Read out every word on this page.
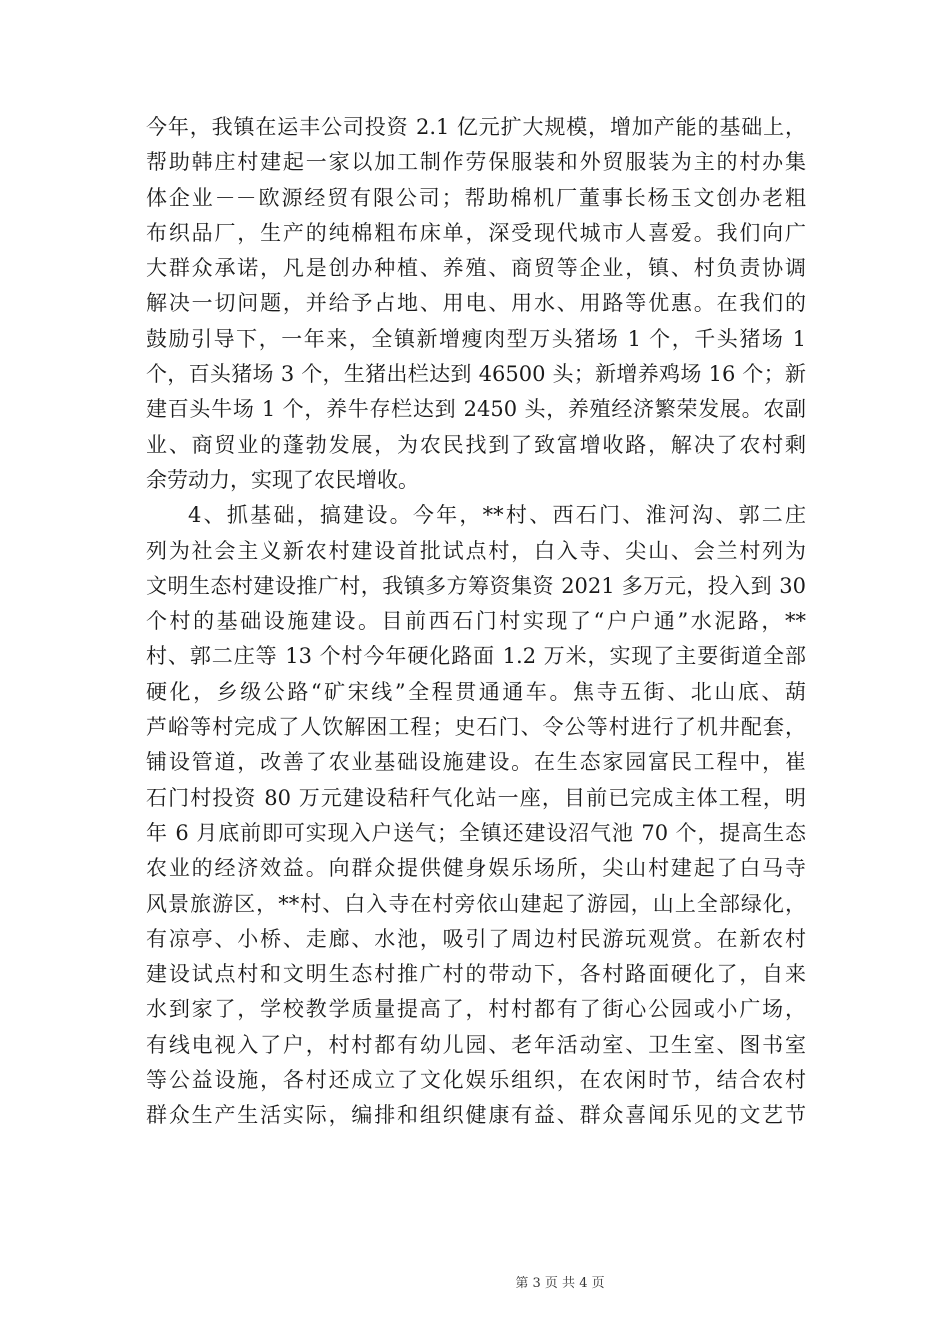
今年，我镇在运丰公司投资 2.1 亿元扩大规模，增加产能的基础上，
帮助韩庄村建起一家以加工制作劳保服装和外贸服装为主的村办集
体企业－－欧源经贸有限公司；帮助棉机厂董事长杨玉文创办老粗
布织品厂，生产的纯棉粗布床单，深受现代城市人喜爱。我们向广
大群众承诺，凡是创办种植、养殖、商贸等企业，镇、村负责协调
解决一切问题，并给予占地、用电、用水、用路等优惠。在我们的
鼓励引导下，一年来，全镇新增瘦肉型万头猪场 1 个，千头猪场 1
个，百头猪场 3 个，生猪出栏达到 46500 头；新增养鸡场 16 个；新
建百头牛场 1 个，养牛存栏达到 2450 头，养殖经济繁荣发展。农副
业、商贸业的蓬勃发展，为农民找到了致富增收路，解决了农村剩
余劳动力，实现了农民增收。
4、抓基础，搞建设。今年，**村、西石门、淮河沟、郭二庄
列为社会主义新农村建设首批试点村，白入寺、尖山、会兰村列为
文明生态村建设推广村，我镇多方筹资集资 2021 多万元，投入到 30
个村的基础设施建设。目前西石门村实现了“户户通”水泥路，**
村、郭二庄等 13 个村今年硬化路面 1.2 万米，实现了主要街道全部
硬化，乡级公路“矿宋线”全程贯通通车。焦寺五街、北山底、葫
芦峪等村完成了人饮解困工程；史石门、令公等村进行了机井配套，
铺设管道，改善了农业基础设施建设。在生态家园富民工程中，崔
石门村投资 80 万元建设秸秆气化站一座，目前已完成主体工程，明
年 6 月底前即可实现入户送气；全镇还建设沼气池 70 个，提高生态
农业的经济效益。向群众提供健身娱乐场所，尖山村建起了白马寺
风景旅游区，**村、白入寺在村旁依山建起了游园，山上全部绿化，
有凉亭、小桥、走廊、水池，吸引了周边村民游玩观赏。在新农村
建设试点村和文明生态村推广村的带动下，各村路面硬化了，自来
水到家了，学校教学质量提高了，村村都有了街心公园或小广场，
有线电视入了户，村村都有幼儿园、老年活动室、卫生室、图书室
等公益设施，各村还成立了文化娱乐组织，在农闲时节，结合农村
群众生产生活实际，编排和组织健康有益、群众喜闻乐见的文艺节
第 3 页 共 4 页
